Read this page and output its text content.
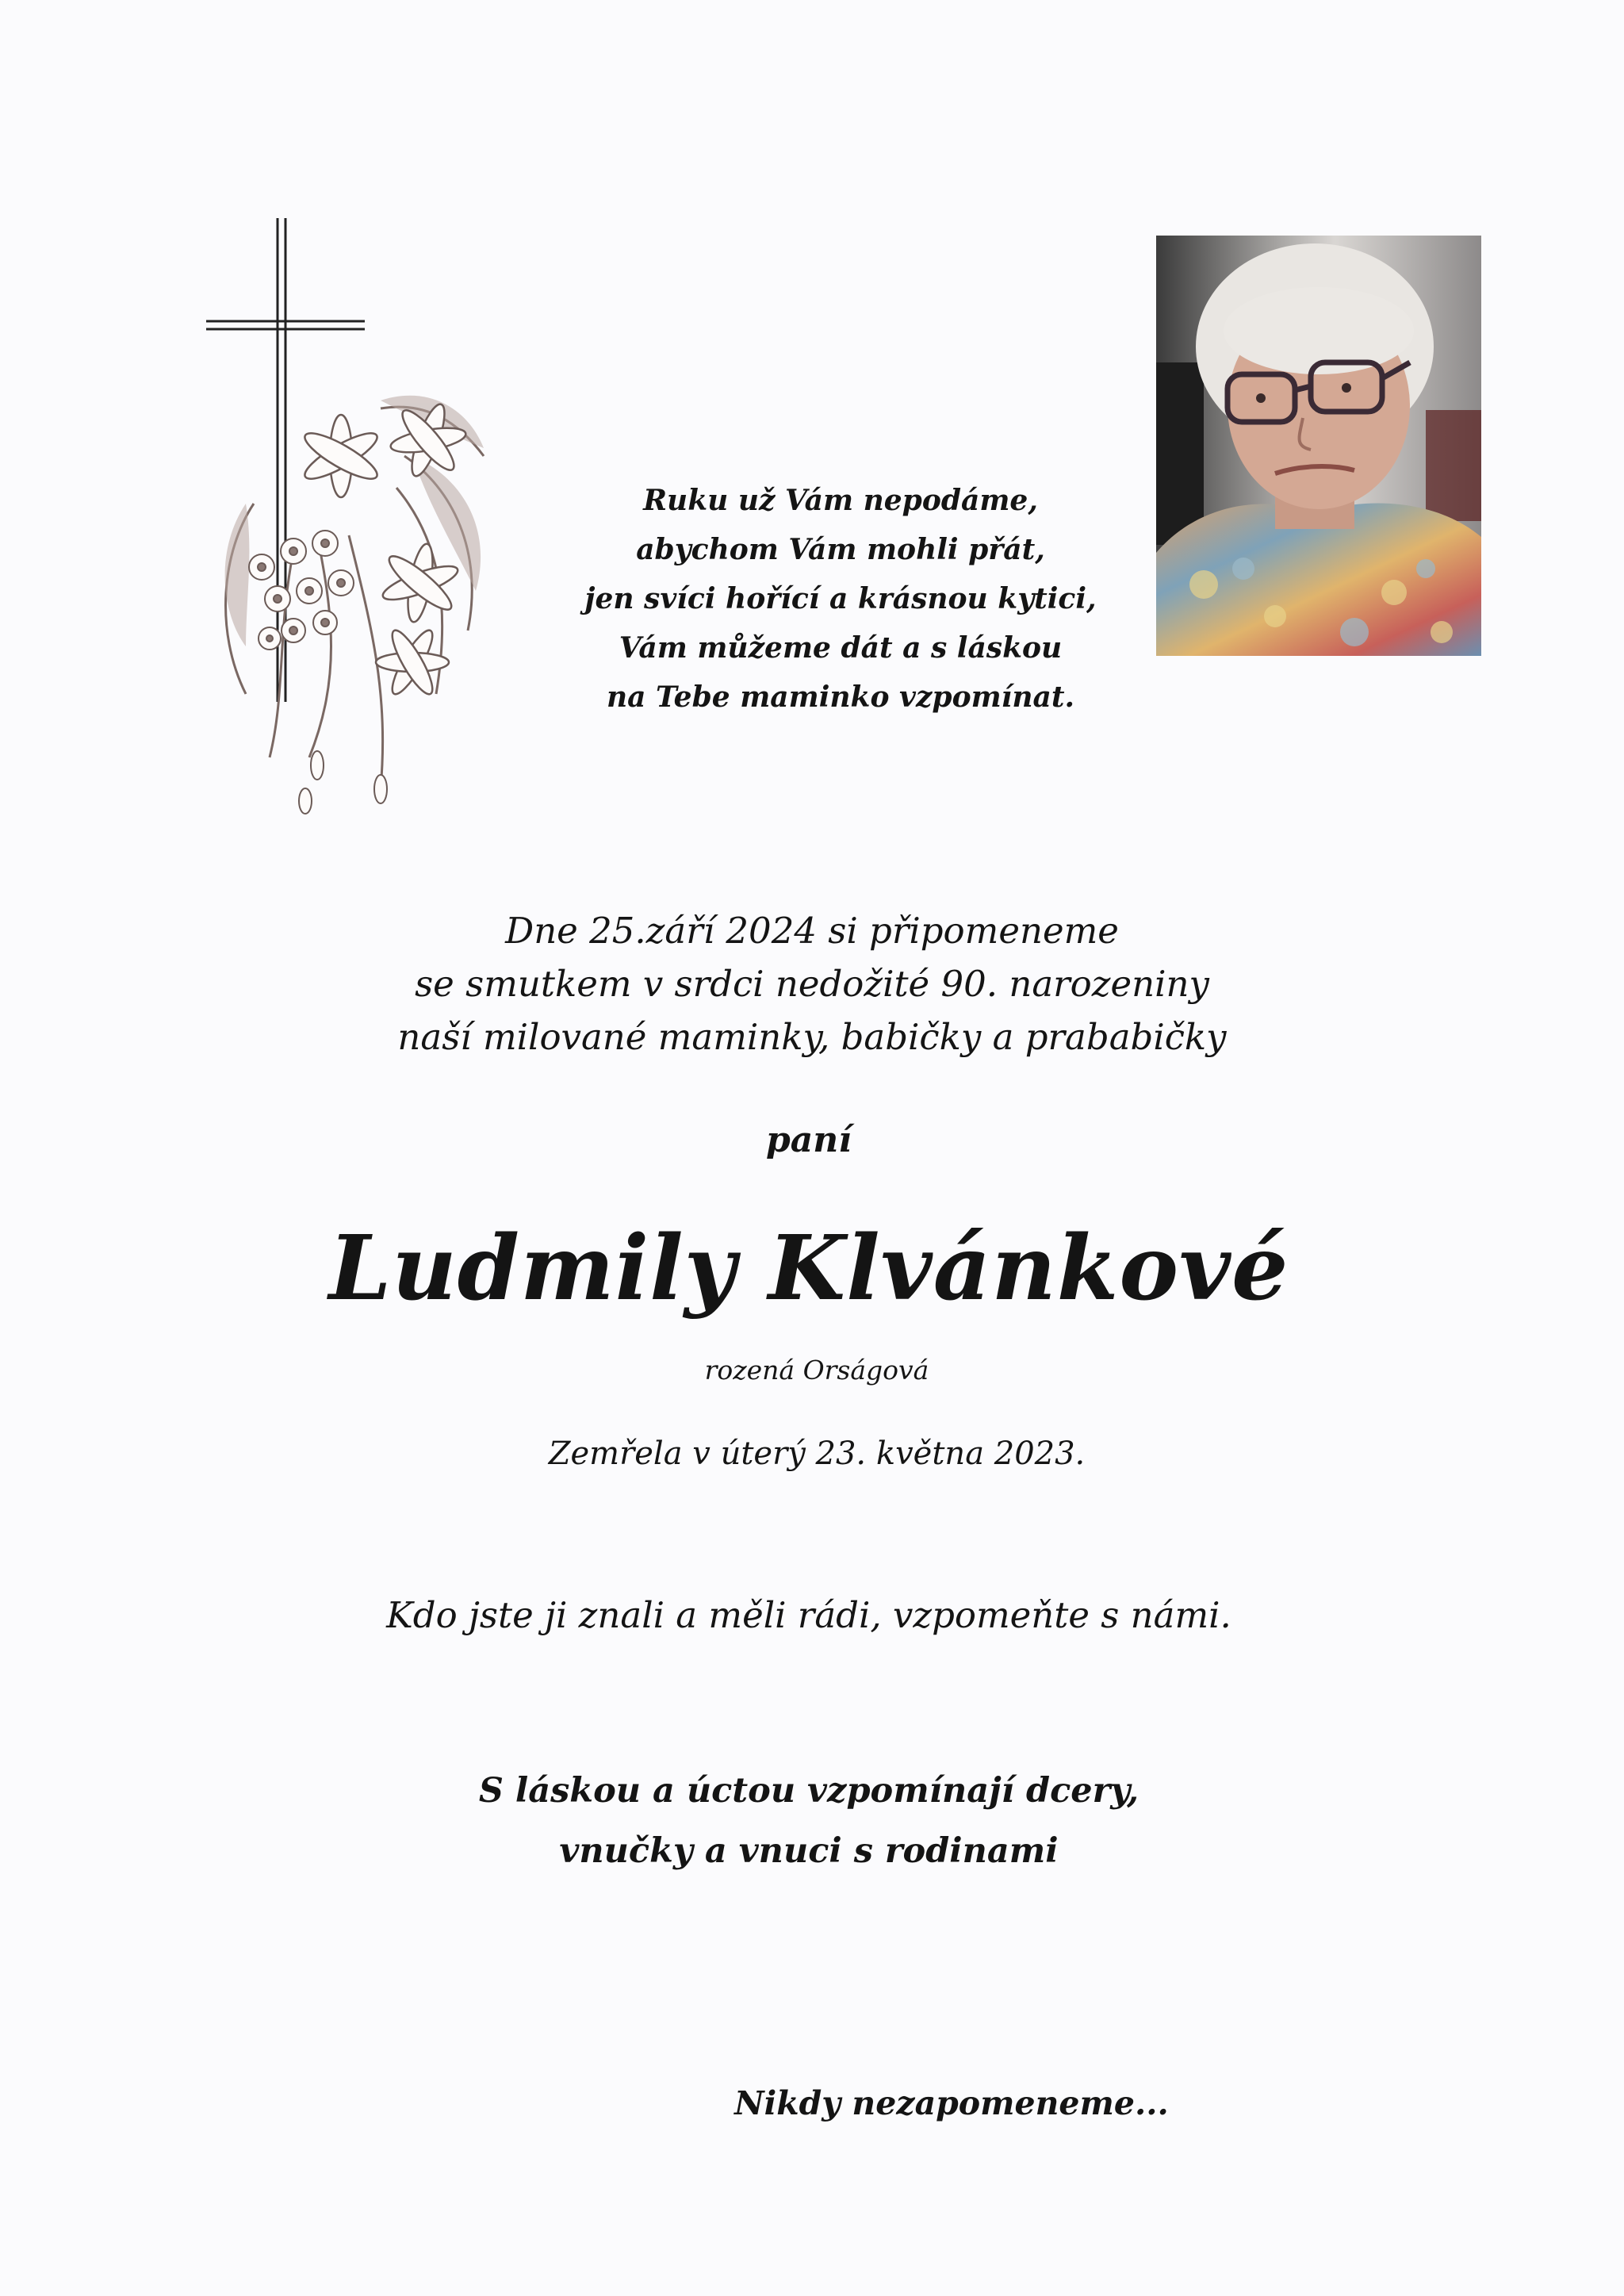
Ruku už Vám nepodáme,
abychom Vám mohli přát,
jen svíci hořící a krásnou kytici,
Vám můžeme dát a s láskou
na Tebe maminko vzpomínat.
Dne 25.září 2024 si připomeneme
se smutkem v srdci nedožité 90. narozeniny
naší milované maminky, babičky a prababičky
paní
Ludmily Klvánkové
rozená Orságová
Zemřela v úterý 23. května 2023.
Kdo jste ji znali a měli rádi, vzpomeňte s námi.
S láskou a úctou vzpomínají dcery,
vnučky a vnuci s rodinami
Nikdy nezapomeneme...
